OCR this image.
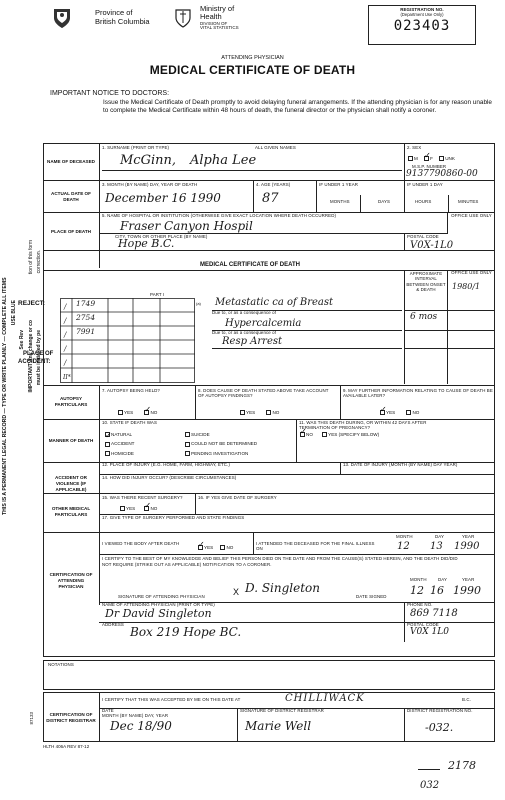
Province of
British Columbia
Ministry of
Health
DIVISION OF
VITAL STATISTICS
REGISTRATION NO.
(Department Use Only)
023403
ATTENDING PHYSICIAN
MEDICAL CERTIFICATE OF DEATH
IMPORTANT NOTICE TO DOCTORS:
Issue the Medical Certificate of Death promptly to avoid delaying funeral arrangements. If the attending physician is for any reason unable to complete the Medical Certificate within 48 hours of death, the funeral director or the physician shall notify a coroner.
THIS IS A PERMANENT LEGAL RECORD — TYPE OR WRITE PLAINLY — COMPLETE ALL ITEMS USE BLUE
See Rev IMPORTANT Any change or co must be initialled by pe
tion of this form correction.
REJECT:
PLACE OF
ACCIDENT:
NAME OF DECEASED
1. SURNAME (PRINT OR TYPE)	ALL GIVEN NAMES
McGinn, Alpha Lee
2. SEX
M ✓	F	UNK
M.S.P. NUMBER
9137790860-00
ACTUAL DATE OF DEATH
3. MONTH (BY NAME) DAY, YEAR OF DEATH
December 16 1990
4. AGE (YEARS)
87
IF UNDER 1 YEAR
MONTHS	DAYS
IF UNDER 1 DAY
HOURS	MINUTES
PLACE OF DEATH
5. NAME OF HOSPITAL OR INSTITUTION (OTHERWISE GIVE EXACT LOCATION WHERE DEATH OCCURRED)
Fraser Canyon Hospil
CITY, TOWN OR OTHER PLACE (BY NAME)
Hope B.C.
OFFICE USE ONLY
POSTAL CODE
V0X-1L0
MEDICAL CERTIFICATE OF DEATH
APPROXIMATE INTERVAL BETWEEN ONSET & DEATH
OFFICE USE ONLY
1980/1
PART I
/
/
/
/
/
II*
1749
2754
7991
(a) Metastatic ca of Breast
Due to, or as a consequence of
Hypercalcemia
Due to, or as a consequence of
Resp Arrest
6 mos
AUTOPSY PARTICULARS
7. AUTOPSY BEING HELD?
YES ✓	NO
8. DOES CAUSE OF DEATH STATED ABOVE TAKE ACCOUNT OF AUTOPSY FINDINGS?
YES	NO
9. MAY FURTHER INFORMATION RELATING TO CAUSE OF DEATH BE AVAILABLE LATER?
✓YES	NO
MANNER OF DEATH
10. STATE IF DEATH WAS
✓NATURAL
ACCIDENT
HOMICIDE
SUICIDE
COULD NOT BE DETERMINED
PENDING INVESTIGATION
11. WAS THIS DEATH DURING, OR WITHIN 42 DAYS AFTER TERMINATION OF PREGNANCY?
✓NO	YES (SPECIFY BELOW)
ACCIDENT OR VIOLENCE (IF APPLICABLE)
12. PLACE OF INJURY (E.G. HOME, FARM, HIGHWAY, ETC.)	13. DATE OF INJURY (MONTH (BY NAME) DAY YEAR)
14. HOW DID INJURY OCCUR? (DESCRIBE CIRCUMSTANCES)
OTHER MEDICAL PARTICULARS
15. WAS THERE RECENT SURGERY?
YES ✓	NO
16. IF YES GIVE DATE OF SURGERY
17. GIVE TYPE OF SURGERY PERFORMED AND STATE FINDINGS
CERTIFICATION OF ATTENDING PHYSICIAN
I VIEWED THE BODY AFTER DEATH
✓YES	NO
I ATTENDED THE DECEASED FOR THE FINAL ILLNESS ON
MONTH	DAY	YEAR
12 13 1990
I CERTIFY TO THE BEST OF MY KNOWLEDGE AND BELIEF THIS PERSON DIED ON THE DATE AND FROM THE CAUSE(S) STATED HEREIN, AND THE DEATH DID/DID NOT REQUIRE (STRIKE OUT AS APPLICABLE) NOTIFICATION TO A CORONER.
MONTH	DAY	YEAR
SIGNATURE OF ATTENDING PHYSICIAN	X D. Singleton
DATE SIGNED 12 16 1990
NAME OF ATTENDING PHYSICIAN (PRINT OR TYPE)
Dr David Singleton
PHONE NO.
869 7118
ADDRESS
Box 219 Hope BC.
POSTAL CODE
V0X 1L0
NOTATIONS
CERTIFICATION OF DISTRICT REGISTRAR
I CERTIFY THAT THIS WAS ACCEPTED BY ME ON THIS DATE AT	CHILLIWACK	B.C.
DATE
MONTH (BY NAME) DAY, YEAR
Dec 18/90
SIGNATURE OF DISTRICT REGISTRAR
Marie Well
DISTRICT REGISTRATION NO.
-032.
HLTH 406A REV 87-12
87133
2178
032
